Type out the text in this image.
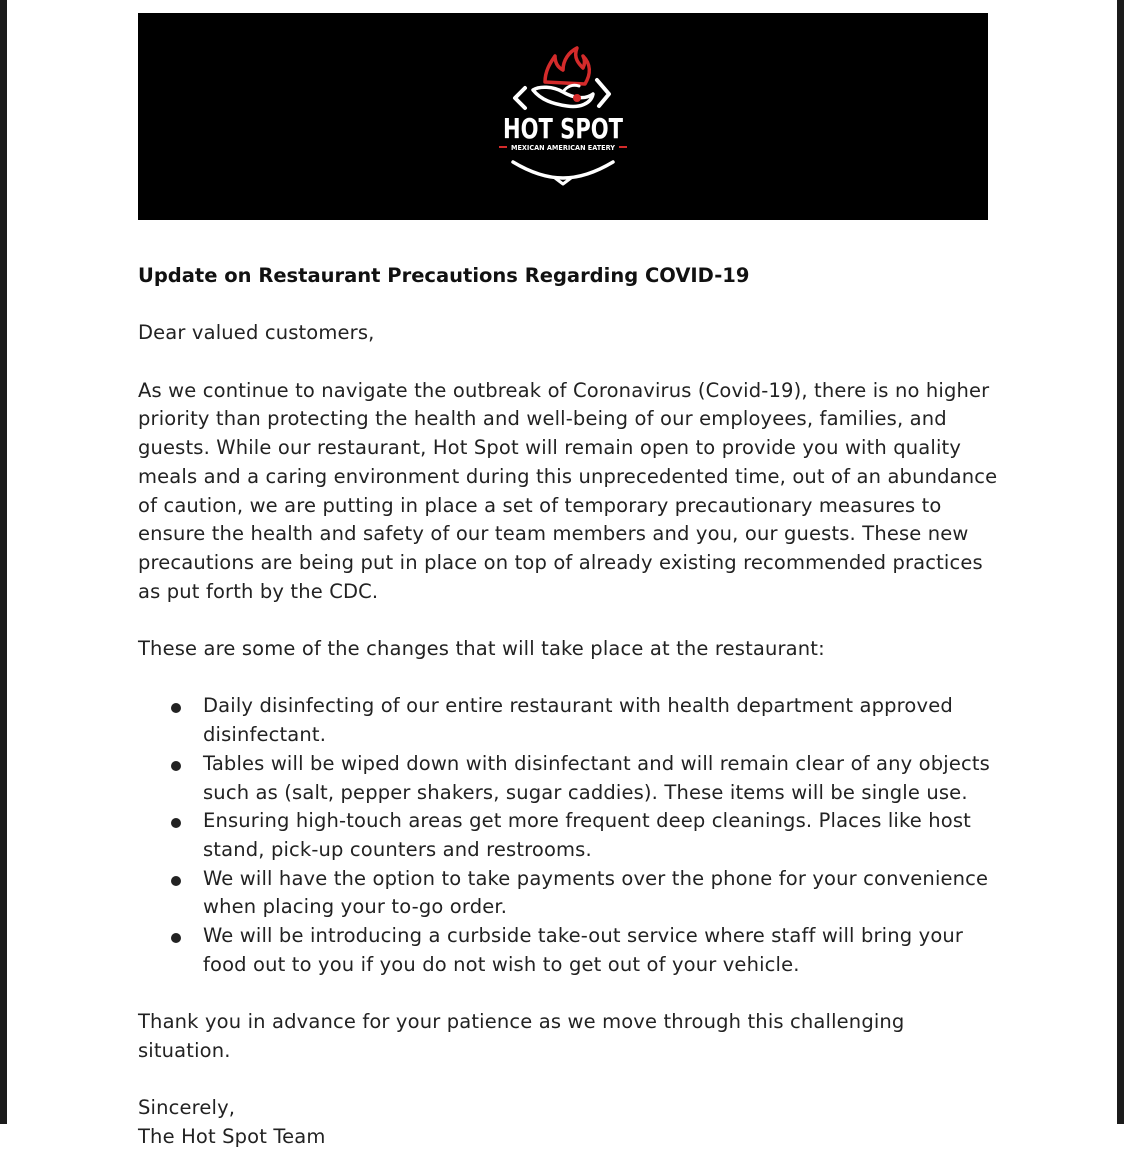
HOT SPOT
MEXICAN AMERICAN EATERY
Update on Restaurant Precautions Regarding COVID-19

Dear valued customers,

As we continue to navigate the outbreak of Coronavirus (Covid-19), there is no higher priority than protecting the health and well-being of our employees, families, and guests. While our restaurant, Hot Spot will remain open to provide you with quality meals and a caring environment during this unprecedented time, out of an abundance of caution, we are putting in place a set of temporary precautionary measures to ensure the health and safety of our team members and you, our guests. These new precautions are being put in place on top of already existing recommended practices as put forth by the CDC.

These are some of the changes that will take place at the restaurant:

Daily disinfecting of our entire restaurant with health department approved disinfectant.
Tables will be wiped down with disinfectant and will remain clear of any objects such as (salt, pepper shakers, sugar caddies). These items will be single use.
Ensuring high-touch areas get more frequent deep cleanings. Places like host stand, pick-up counters and restrooms.
We will have the option to take payments over the phone for your convenience when placing your to-go order.
We will be introducing a curbside take-out service where staff will bring your food out to you if you do not wish to get out of your vehicle.

Thank you in advance for your patience as we move through this challenging situation.

Sincerely,

The Hot Spot Team
